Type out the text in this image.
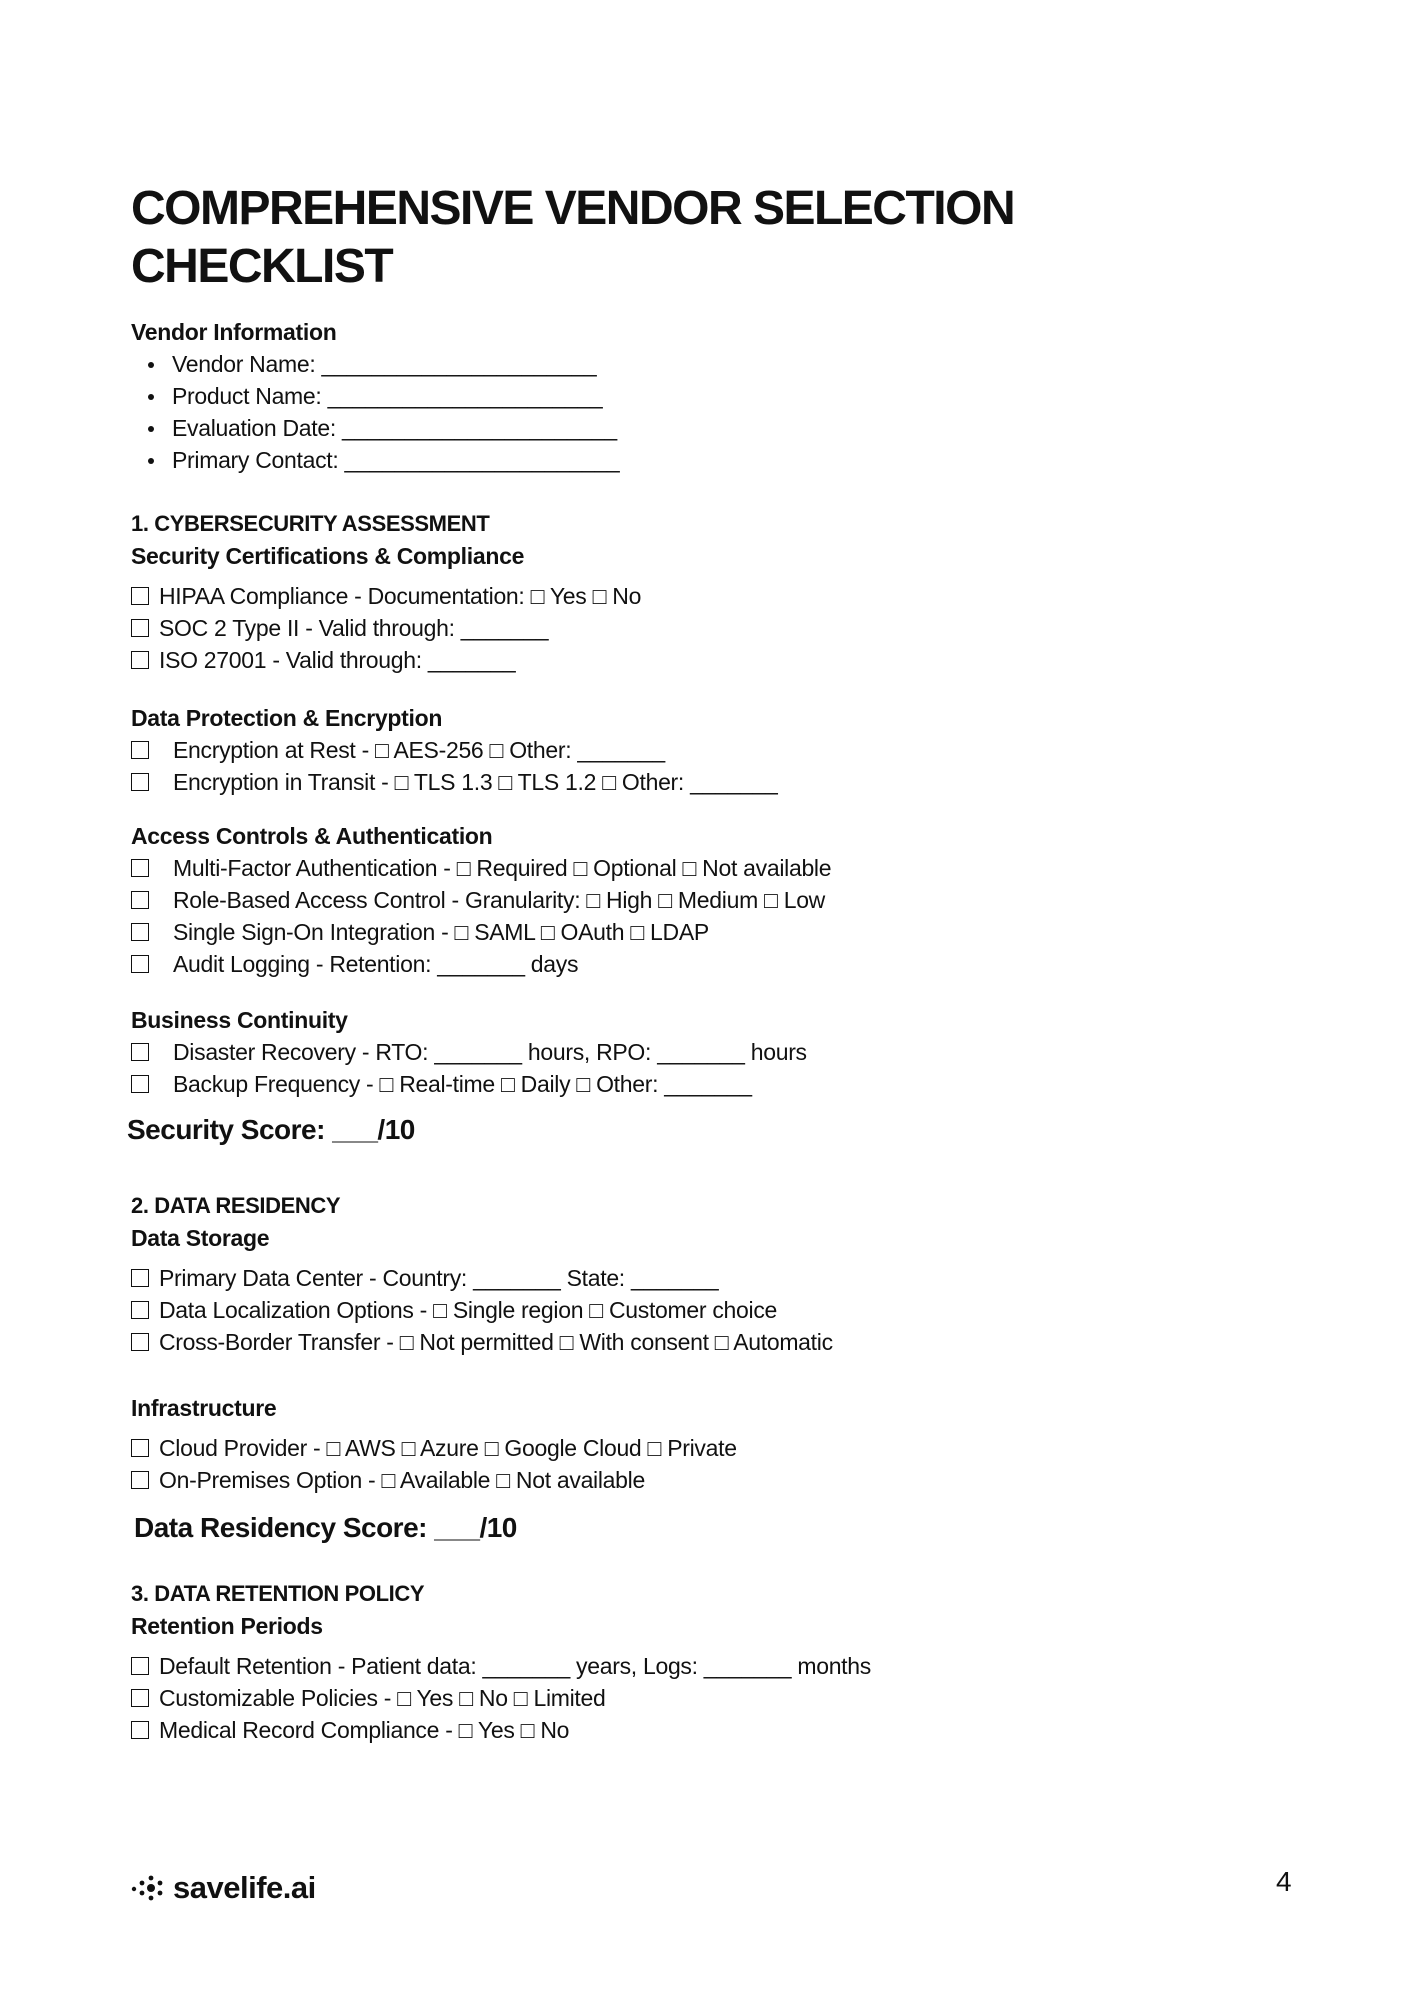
COMPREHENSIVE VENDOR SELECTION CHECKLIST

Vendor Information

Vendor Name: ______________________
Product Name: ______________________
Evaluation Date: ______________________
Primary Contact: ______________________

1. CYBERSECURITY ASSESSMENT

Security Certifications & Compliance

HIPAA Compliance - Documentation: □ Yes □ No
SOC 2 Type II - Valid through: _______
ISO 27001 - Valid through: _______

Data Protection & Encryption

Encryption at Rest - □ AES-256 □ Other: _______
Encryption in Transit - □ TLS 1.3 □ TLS 1.2 □ Other: _______

Access Controls & Authentication

Multi-Factor Authentication - □ Required □ Optional □ Not available
Role-Based Access Control - Granularity: □ High □ Medium □ Low
Single Sign-On Integration - □ SAML □ OAuth □ LDAP
Audit Logging - Retention: _______ days

Business Continuity

Disaster Recovery - RTO: _______ hours, RPO: _______ hours
Backup Frequency - □ Real-time □ Daily □ Other: _______

Security Score: ___/10

2. DATA RESIDENCY

Data Storage

Primary Data Center - Country: _______ State: _______
Data Localization Options - □ Single region □ Customer choice
Cross-Border Transfer - □ Not permitted □ With consent □ Automatic

Infrastructure

Cloud Provider - □ AWS □ Azure □ Google Cloud □ Private
On-Premises Option - □ Available □ Not available

Data Residency Score: ___/10

3. DATA RETENTION POLICY

Retention Periods

Default Retention - Patient data: _______ years, Logs: _______ months
Customizable Policies - □ Yes □ No □ Limited
Medical Record Compliance - □ Yes □ No
savelife.ai	4
